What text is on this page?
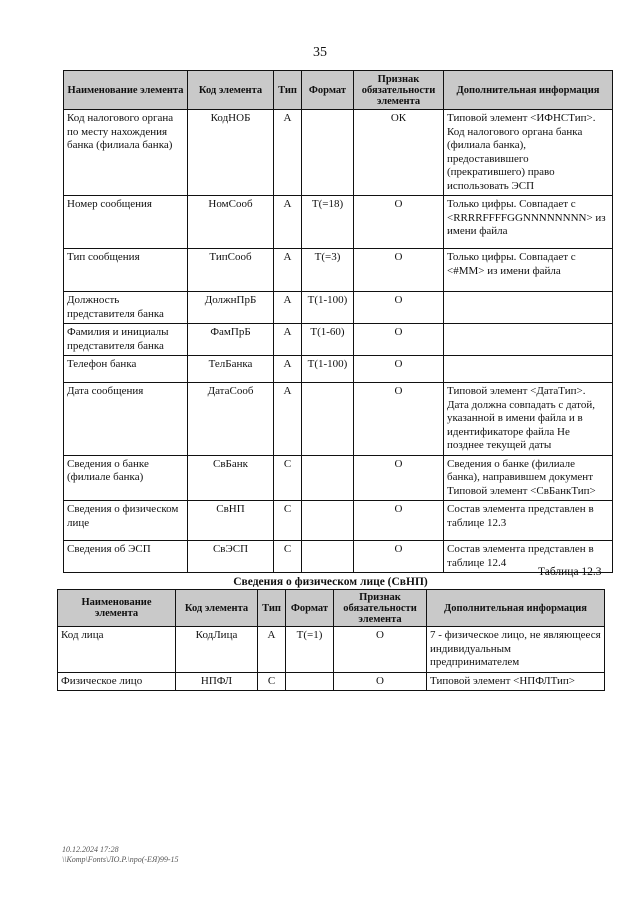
35
Наименование элемента	Код элемента	Тип	Формат	Признак обязательности элемента	Дополнительная информация
Код налогового органа по месту нахождения банка (филиала банка)	КодНОБ	А		ОК	Типовой элемент <ИФНСТип>. Код налогового органа банка (филиала банка), предоставившего (прекратившего) право использовать ЭСП
Номер сообщения	НомСооб	А	T(=18)	О	Только цифры. Совпадает с <RRRRFFFFGGNNNNNNNN> из имени файла
Тип сообщения	ТипСооб	А	T(=3)	О	Только цифры. Совпадает с <#ММ> из имени файла
Должность представителя банка	ДолжнПрБ	А	T(1-100)	О	
Фамилия и инициалы представителя банка	ФамПрБ	А	T(1-60)	О	
Телефон банка	ТелБанка	А	T(1-100)	О	
Дата сообщения	ДатаСооб	А		О	Типовой элемент <ДатаТип>. Дата должна совпадать с датой, указанной в имени файла и в идентификаторе файла Не позднее текущей даты
Сведения о банке (филиале банка)	СвБанк	С		О	Сведения о банке (филиале банка), направившем документ Типовой элемент <СвБанкТип>
Сведения о физическом лице	СвНП	С		О	Состав элемента представлен в таблице 12.3
Сведения об ЭСП	СвЭСП	С		О	Состав элемента представлен в таблице 12.4
Таблица 12.3
Сведения о физическом лице (СвНП)
Наименование элемента	Код элемента	Тип	Формат	Признак обязательности элемента	Дополнительная информация
Код лица	КодЛица	А	T(=1)	О	7 - физическое лицо, не являющееся индивидуальным предпринимателем
Физическое лицо	НПФЛ	С		О	Типовой элемент <НПФЛТип>
10.12.2024 17:28
\\Komp\Fonts\ЛО.Р.\про(-ЕЯ)99-15
